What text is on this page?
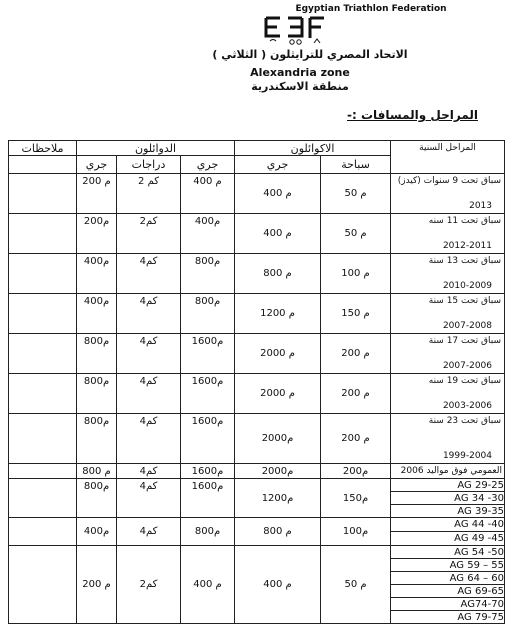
Egyptian Triathlon Federation
الاتحاد المصري للترايثلون ( الثلاثي )
Alexandria zone
منطقة الاسكندرية
المراحل والمسافات :-
ملاحظات	الدوائلون			الاكوائلون		المراحل السنية
	جري	دراجات	جري	جري	سباحة	
	200 م	2 كم	400 م	400 م	50 م	سباق تحت 9 سنوات (كيدز)
2013

	200م	2كم	400م	400 م	50 م	سباق تحت 11 سنه
2012-2011

	400م	4كم	800م	800 م	100 م	سباق تحت 13 سنة
2010-2009

	400م	4كم	800م	1200 م	150 م	سباق تحت 15 سنة
2007-2008

	800م	4كم	1600م	2000 م	200 م	سباق تحت 17 سنة
2007-2006

	800م	4كم	1600م	2000 م	200 م	سباق تحت 19 سنه
2003-2006

	800م	4كم	1600م	2000م	200 م	سباق تحت 23 سنة
1999-2004

	800 م	4كم	1600م	2000م	200م	العمومي فوق مواليد 2006
	800م	4كم	1600م	1200م	150م	AG 29-25
						AG 34 -30
						AG 39-35
	400م	4كم	800م	800 م	100م	AG 44 -40
						AG 49 -45
	200 م	2كم	400 م	400 م	50 م	AG 54 -50
						AG 59 – 55
						AG 64 – 60
						AG 69-65
						AG74-70
						AG 79-75
